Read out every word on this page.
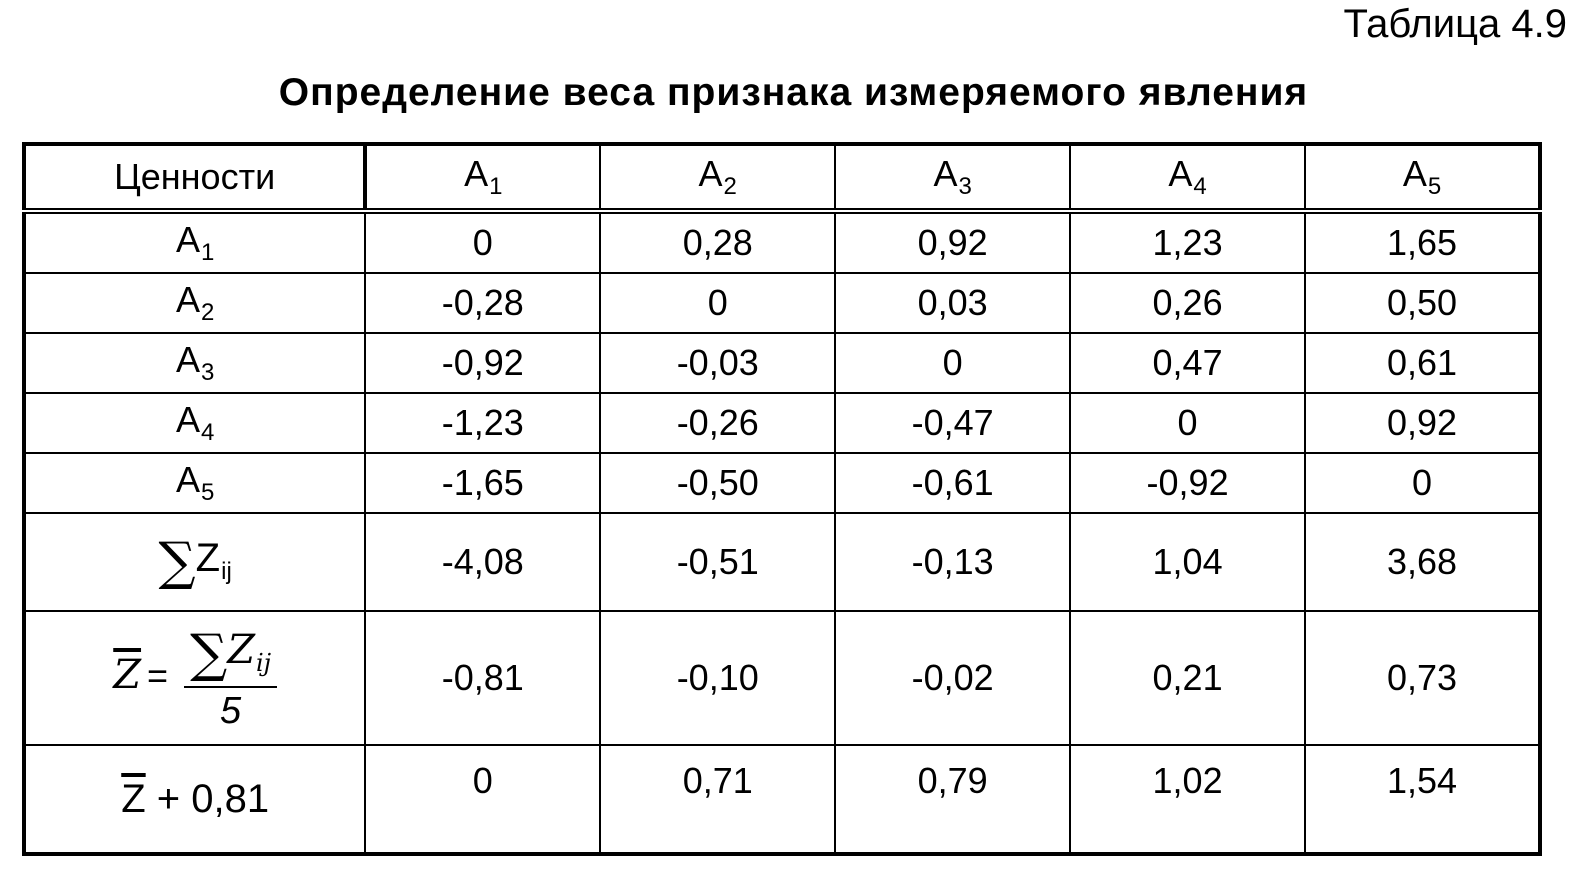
Таблица 4.9
Определение веса признака измеряемого явления
Ценности	$A_1$	$A_2$	$A_3$	$A_4$	$A_5$
$A_1$	0	0,28	0,92	1,23	1,65
$A_2$	-0,28	0	0,03	0,26	0,50
$A_3$	-0,92	-0,03	0	0,47	0,61
$A_4$	-1,23	-0,26	-0,47	0	0,92
$A_5$	-1,65	-0,50	-0,61	-0,92	0
$\sum Z_{ij}$	-4,08	-0,51	-0,13	1,04	3,68
$\overline{Z} = \frac{\sum Z_{ij}}{5}$	-0,81	-0,10	-0,02	0,21	0,73
$\overline{Z} + 0,81$	0	0,71	0,79	1,02	1,54
